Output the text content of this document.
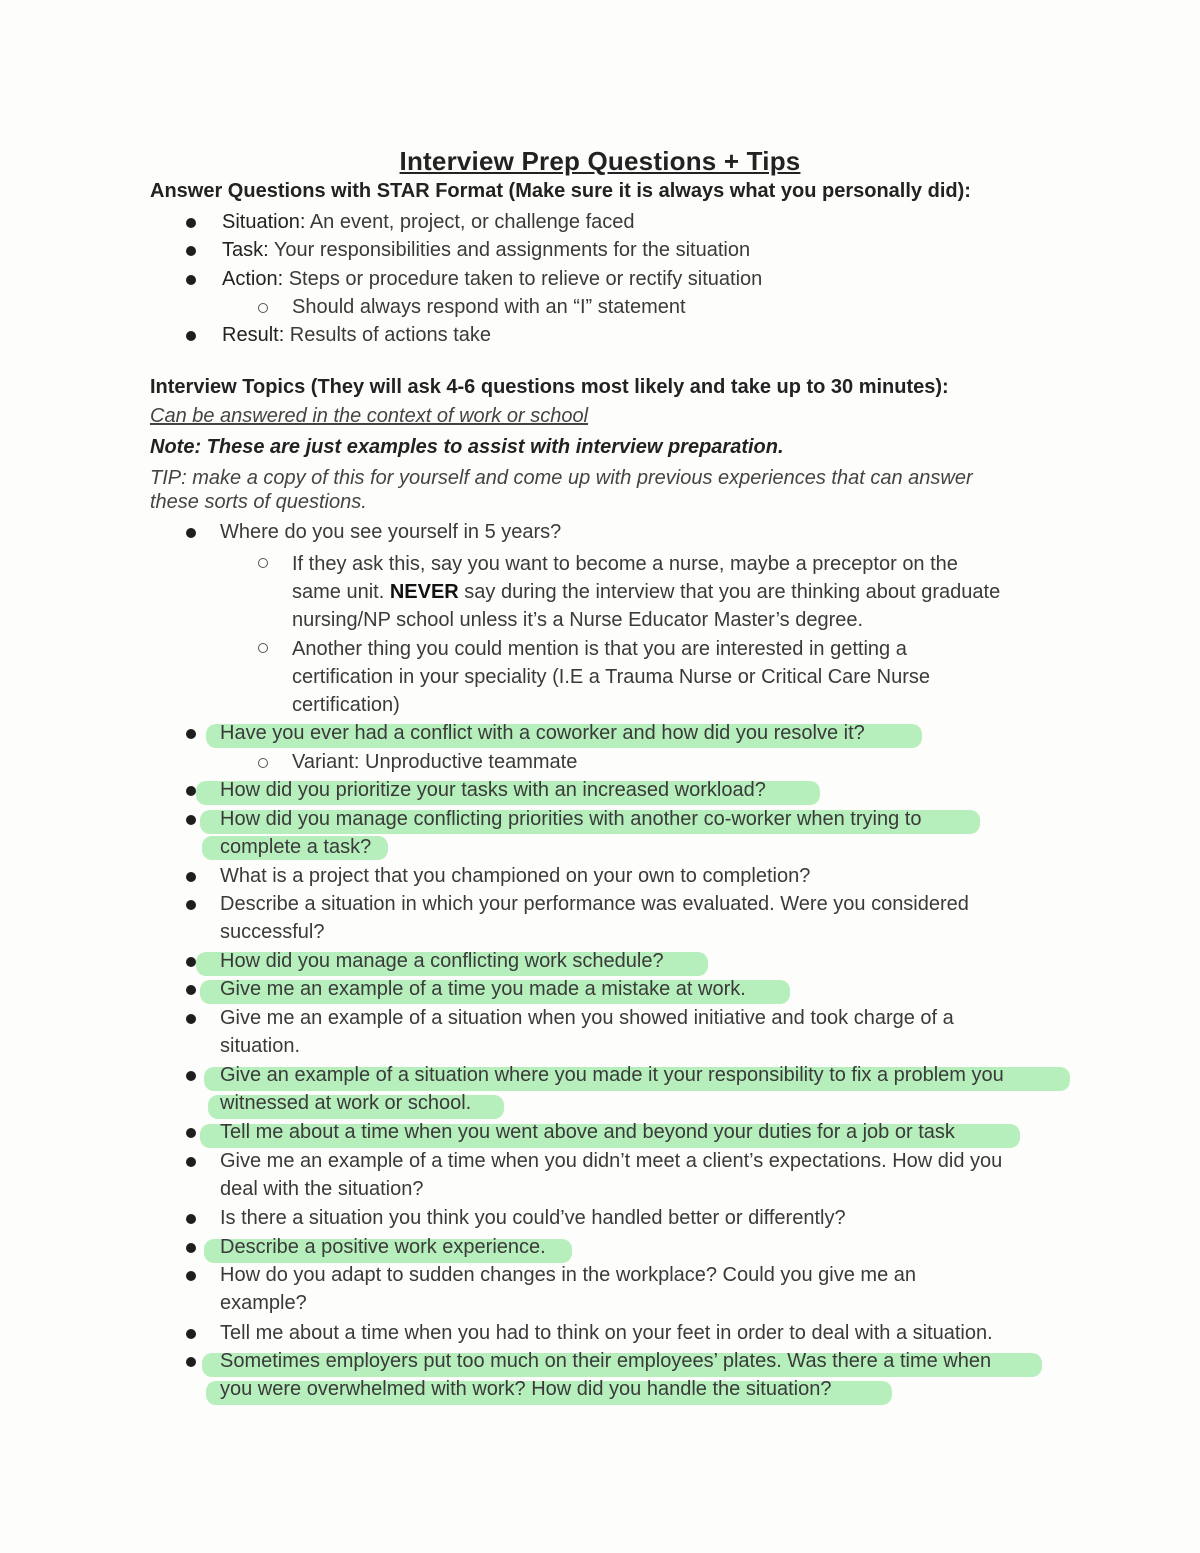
Interview Prep Questions + Tips
Answer Questions with STAR Format (Make sure it is always what you personally did):
Situation: An event, project, or challenge faced
Task: Your responsibilities and assignments for the situation
Action: Steps or procedure taken to relieve or rectify situation
Should always respond with an “I” statement
Result: Results of actions take
Interview Topics (They will ask 4-6 questions most likely and take up to 30 minutes):
Can be answered in the context of work or school
Note: These are just examples to assist with interview preparation.
TIP: make a copy of this for yourself and come up with previous experiences that can answer
these sorts of questions.
Where do you see yourself in 5 years?
If they ask this, say you want to become a nurse, maybe a preceptor on the
same unit. NEVER say during the interview that you are thinking about graduate
nursing/NP school unless it’s a Nurse Educator Master’s degree.
Another thing you could mention is that you are interested in getting a
certification in your speciality (I.E a Trauma Nurse or Critical Care Nurse
certification)
Have you ever had a conflict with a coworker and how did you resolve it?
Variant: Unproductive teammate
How did you prioritize your tasks with an increased workload?
How did you manage conflicting priorities with another co-worker when trying to
complete a task?
What is a project that you championed on your own to completion?
Describe a situation in which your performance was evaluated. Were you considered
successful?
How did you manage a conflicting work schedule?
Give me an example of a time you made a mistake at work.
Give me an example of a situation when you showed initiative and took charge of a
situation.
Give an example of a situation where you made it your responsibility to fix a problem you
witnessed at work or school.
Tell me about a time when you went above and beyond your duties for a job or task
Give me an example of a time when you didn’t meet a client’s expectations. How did you
deal with the situation?
Is there a situation you think you could’ve handled better or differently?
Describe a positive work experience.
How do you adapt to sudden changes in the workplace? Could you give me an
example?
Tell me about a time when you had to think on your feet in order to deal with a situation.
Sometimes employers put too much on their employees’ plates. Was there a time when
you were overwhelmed with work? How did you handle the situation?
